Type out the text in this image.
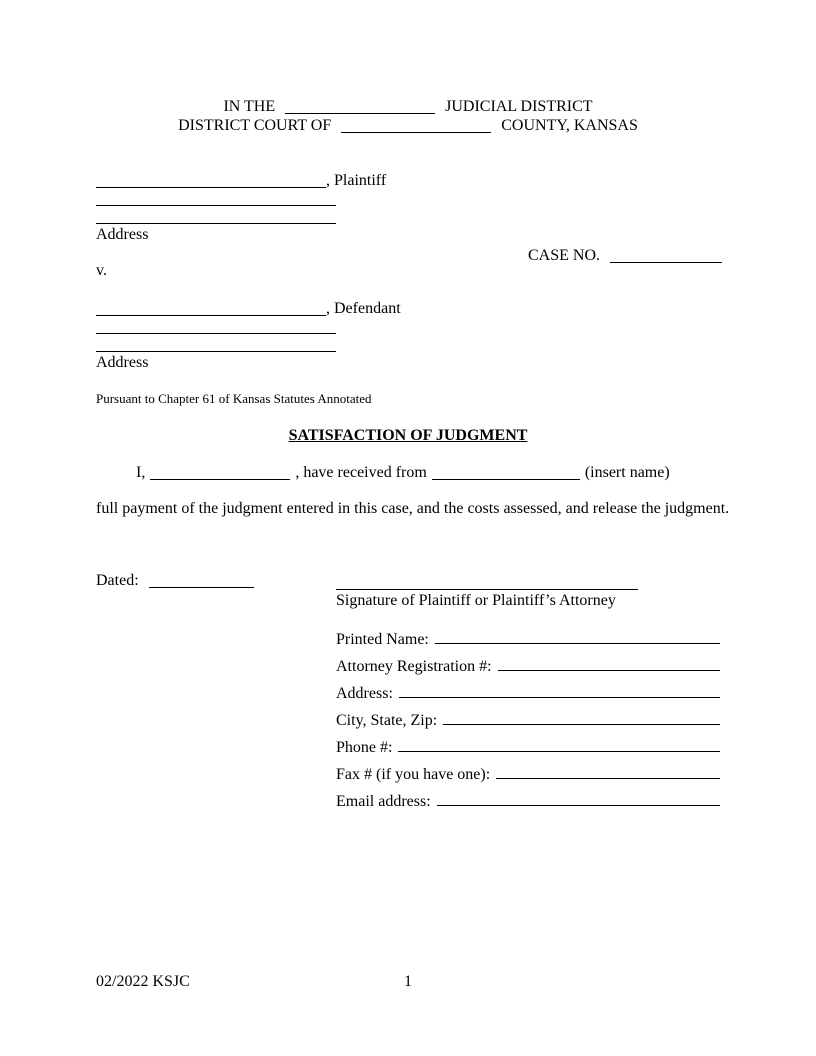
IN THE	JUDICIAL DISTRICT
DISTRICT COURT OF	COUNTY, KANSAS
, Plaintiff
Address
CASE NO.
v.
, Defendant
Address
Pursuant to Chapter 61 of Kansas Statutes Annotated
SATISFACTION OF JUDGMENT
I,	, have received from	(insert name)
full payment of the judgment entered in this case, and the costs assessed, and release the judgment.
Dated:
Signature of Plaintiff or Plaintiff’s Attorney
Printed Name:
Attorney Registration #:
Address:
City, State, Zip:
Phone #:
Fax # (if you have one):
Email address:
02/2022 KSJC	1
